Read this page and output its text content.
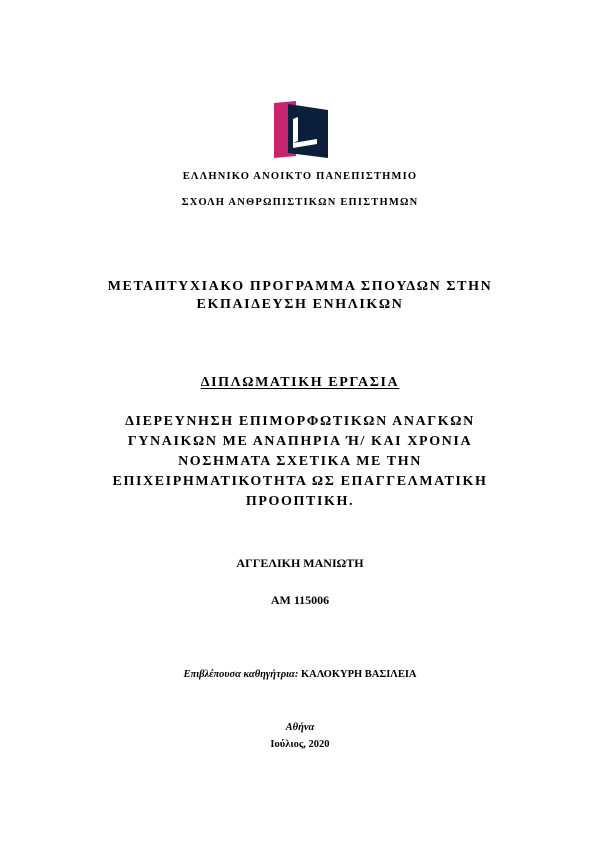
ΕΛΛΗΝΙΚΟ ΑΝΟΙΚΤΟ ΠΑΝΕΠΙΣΤΗΜΙΟ
ΣΧΟΛΗ ΑΝΘΡΩΠΙΣΤΙΚΩΝ ΕΠΙΣΤΗΜΩΝ
ΜΕΤΑΠΤΥΧΙΑΚΟ ΠΡΟΓΡΑΜΜΑ ΣΠΟΥΔΩΝ ΣΤΗΝ
ΕΚΠΑΙΔΕΥΣΗ ΕΝΗΛΙΚΩΝ
ΔΙΠΛΩΜΑΤΙΚΗ ΕΡΓΑΣΙΑ
ΔΙΕΡΕΥΝΗΣΗ ΕΠΙΜΟΡΦΩΤΙΚΩΝ ΑΝΑΓΚΩΝ
ΓΥΝΑΙΚΩΝ ΜΕ ΑΝΑΠΗΡΙΑ Ή/ ΚΑΙ ΧΡΟΝΙΑ
ΝΟΣΗΜΑΤΑ ΣΧΕΤΙΚΑ ΜΕ ΤΗΝ
ΕΠΙΧΕΙΡΗΜΑΤΙΚΟΤΗΤΑ ΩΣ ΕΠΑΓΓΕΛΜΑΤΙΚΗ
ΠΡΟΟΠΤΙΚΗ.
ΑΓΓΕΛΙΚΗ ΜΑΝΙΩΤΗ
ΑΜ 115006
Επιβλέπουσα καθηγήτρια: ΚΑΛΟΚΥΡΗ ΒΑΣΙΛΕΙΑ
Αθήνα
Ιούλιος, 2020
